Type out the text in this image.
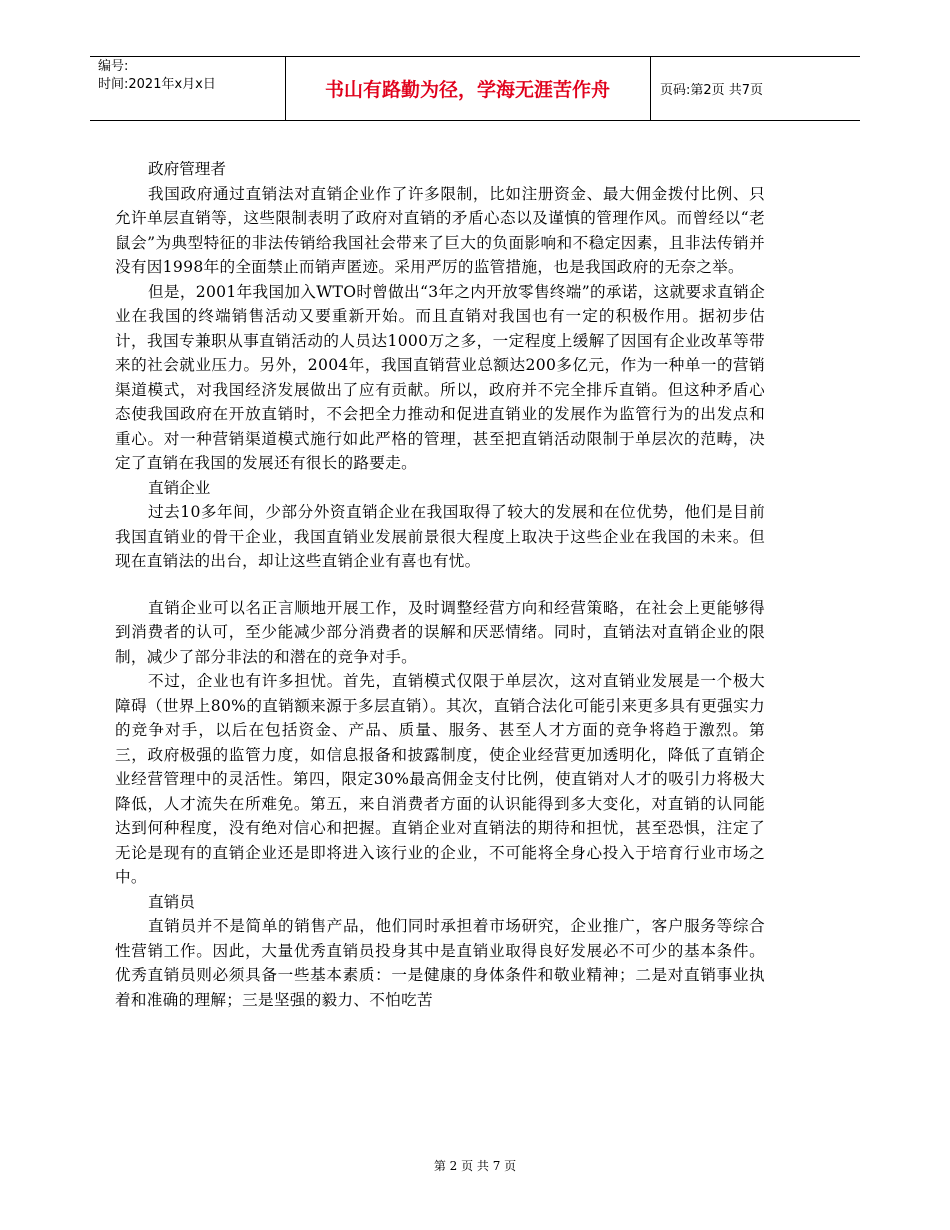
编号:
时间:2021年x月x日	书山有路勤为径，学海无涯苦作舟	页码:第2页 共7页

政府管理者

我国政府通过直销法对直销企业作了许多限制，比如注册资金、最大佣金拨付比例、只允许单层直销等，这些限制表明了政府对直销的矛盾心态以及谨慎的管理作风。而曾经以“老鼠会”为典型特征的非法传销给我国社会带来了巨大的负面影响和不稳定因素，且非法传销并没有因1998年的全面禁止而销声匿迹。采用严厉的监管措施，也是我国政府的无奈之举。

但是，2001年我国加入WTO时曾做出“3年之内开放零售终端”的承诺，这就要求直销企业在我国的终端销售活动又要重新开始。而且直销对我国也有一定的积极作用。据初步估计，我国专兼职从事直销活动的人员达1000万之多，一定程度上缓解了因国有企业改革等带来的社会就业压力。另外，2004年，我国直销营业总额达200多亿元，作为一种单一的营销渠道模式，对我国经济发展做出了应有贡献。所以，政府并不完全排斥直销。但这种矛盾心态使我国政府在开放直销时，不会把全力推动和促进直销业的发展作为监管行为的出发点和重心。对一种营销渠道模式施行如此严格的管理，甚至把直销活动限制于单层次的范畴，决定了直销在我国的发展还有很长的路要走。

直销企业

过去10多年间，少部分外资直销企业在我国取得了较大的发展和在位优势，他们是目前我国直销业的骨干企业，我国直销业发展前景很大程度上取决于这些企业在我国的未来。但现在直销法的出台，却让这些直销企业有喜也有忧。

直销企业可以名正言顺地开展工作，及时调整经营方向和经营策略，在社会上更能够得到消费者的认可，至少能减少部分消费者的误解和厌恶情绪。同时，直销法对直销企业的限制，减少了部分非法的和潜在的竞争对手。

不过，企业也有许多担忧。首先，直销模式仅限于单层次，这对直销业发展是一个极大障碍（世界上80%的直销额来源于多层直销）。其次，直销合法化可能引来更多具有更强实力的竞争对手，以后在包括资金、产品、质量、服务、甚至人才方面的竞争将趋于激烈。第三，政府极强的监管力度，如信息报备和披露制度，使企业经营更加透明化，降低了直销企业经营管理中的灵活性。第四，限定30%最高佣金支付比例，使直销对人才的吸引力将极大降低，人才流失在所难免。第五，来自消费者方面的认识能得到多大变化，对直销的认同能达到何种程度，没有绝对信心和把握。直销企业对直销法的期待和担忧，甚至恐惧，注定了无论是现有的直销企业还是即将进入该行业的企业，不可能将全身心投入于培育行业市场之中。

直销员

直销员并不是简单的销售产品，他们同时承担着市场研究，企业推广，客户服务等综合性营销工作。因此，大量优秀直销员投身其中是直销业取得良好发展必不可少的基本条件。优秀直销员则必须具备一些基本素质：一是健康的身体条件和敬业精神；二是对直销事业执着和准确的理解；三是坚强的毅力、不怕吃苦

第 2 页 共 7 页
